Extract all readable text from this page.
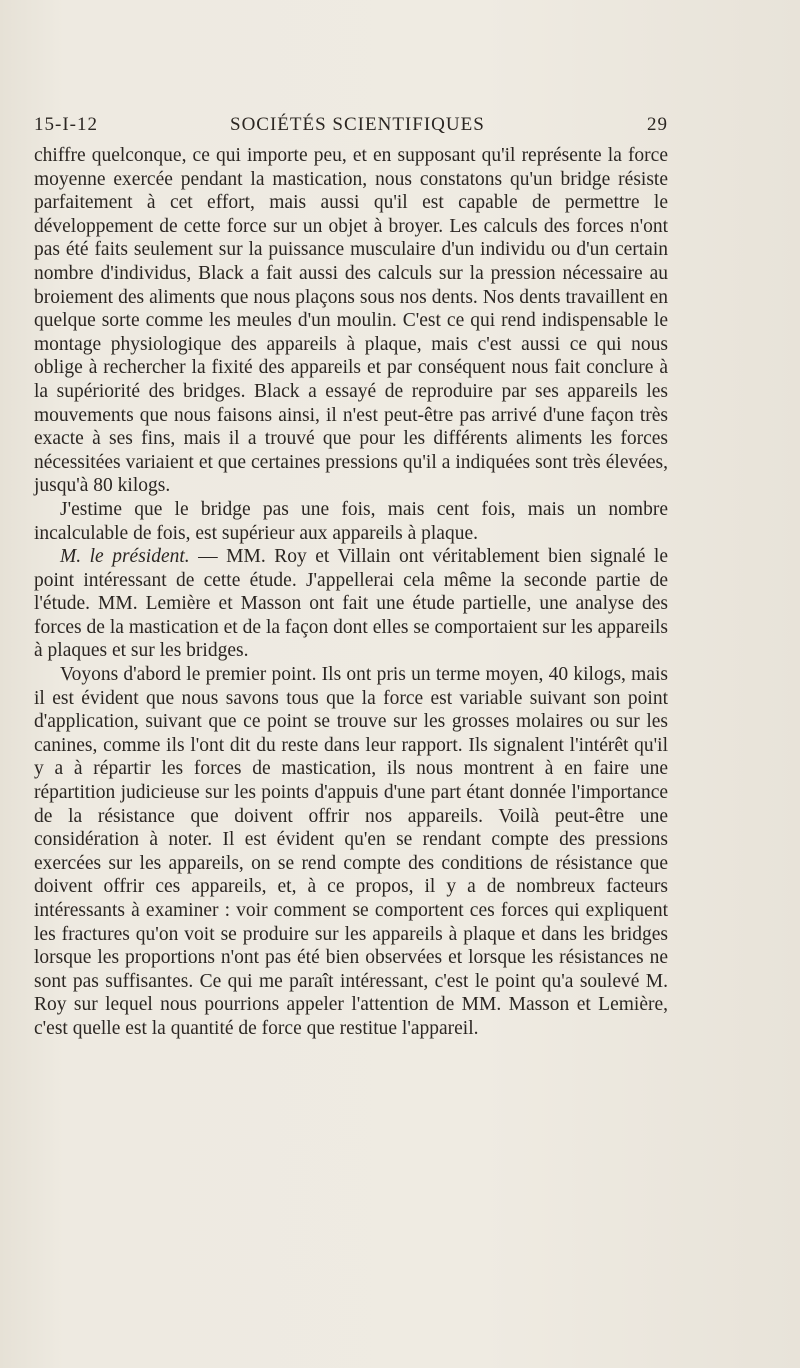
15-I-12	SOCIÉTÉS SCIENTIFIQUES	29

chiffre quelconque, ce qui importe peu, et en supposant qu'il représente la force moyenne exercée pendant la mastication, nous constatons qu'un bridge résiste parfaitement à cet effort, mais aussi qu'il est capable de permettre le développement de cette force sur un objet à broyer. Les calculs des forces n'ont pas été faits seulement sur la puissance musculaire d'un individu ou d'un certain nombre d'individus, Black a fait aussi des calculs sur la pression nécessaire au broiement des aliments que nous plaçons sous nos dents. Nos dents travaillent en quelque sorte comme les meules d'un moulin. C'est ce qui rend indispensable le montage physiologique des appareils à plaque, mais c'est aussi ce qui nous oblige à rechercher la fixité des appareils et par conséquent nous fait conclure à la supériorité des bridges. Black a essayé de reproduire par ses appareils les mouvements que nous faisons ainsi, il n'est peut-être pas arrivé d'une façon très exacte à ses fins, mais il a trouvé que pour les différents aliments les forces nécessitées variaient et que certaines pressions qu'il a indiquées sont très élevées, jusqu'à 80 kilogs.

J'estime que le bridge pas une fois, mais cent fois, mais un nombre incalculable de fois, est supérieur aux appareils à plaque.

M. le président. — MM. Roy et Villain ont véritablement bien signalé le point intéressant de cette étude. J'appellerai cela même la seconde partie de l'étude. MM. Lemière et Masson ont fait une étude partielle, une analyse des forces de la mastication et de la façon dont elles se comportaient sur les appareils à plaques et sur les bridges.

Voyons d'abord le premier point. Ils ont pris un terme moyen, 40 kilogs, mais il est évident que nous savons tous que la force est variable suivant son point d'application, suivant que ce point se trouve sur les grosses molaires ou sur les canines, comme ils l'ont dit du reste dans leur rapport. Ils signalent l'intérêt qu'il y a à répartir les forces de mastication, ils nous montrent à en faire une répartition judicieuse sur les points d'appuis d'une part étant donnée l'importance de la résistance que doivent offrir nos appareils. Voilà peut-être une considération à noter. Il est évident qu'en se rendant compte des pressions exercées sur les appareils, on se rend compte des conditions de résistance que doivent offrir ces appareils, et, à ce propos, il y a de nombreux facteurs intéressants à examiner : voir comment se comportent ces forces qui expliquent les fractures qu'on voit se produire sur les appareils à plaque et dans les bridges lorsque les proportions n'ont pas été bien observées et lorsque les résistances ne sont pas suffisantes. Ce qui me paraît intéressant, c'est le point qu'a soulevé M. Roy sur lequel nous pourrions appeler l'attention de MM. Masson et Lemière, c'est quelle est la quantité de force que restitue l'appareil.
